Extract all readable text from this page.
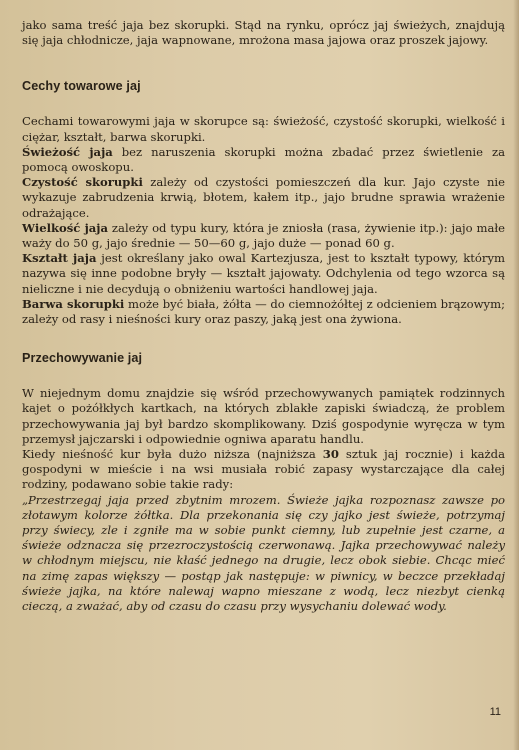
jako sama treść jaja bez skorupki. Stąd na rynku, oprócz jaj świeżych, znajdują się jaja chłodnicze, jaja wapnowane, mrożona masa jajowa oraz proszek jajowy.

Cechy towarowe jaj

Cechami towarowymi jaja w skorupce są: świeżość, czystość skorupki, wielkość i ciężar, kształt, barwa skorupki.

Świeżość jaja bez naruszenia skorupki można zbadać przez świetlenie za pomocą owoskopu.

Czystość skorupki zależy od czystości pomieszczeń dla kur. Jajo czyste nie wykazuje zabrudzenia krwią, błotem, kałem itp., jajo brudne sprawia wrażenie odrażające.

Wielkość jaja zależy od typu kury, która je zniosła (rasa, żywienie itp.): jajo małe waży do 50 g, jajo średnie — 50—60 g, jajo duże — ponad 60 g.

Kształt jaja jest określany jako owal Kartezjusza, jest to kształt typowy, którym nazywa się inne podobne bryły — kształt jajowaty. Odchylenia od tego wzorca są nieliczne i nie decydują o obniżeniu wartości handlowej jaja.

Barwa skorupki może być biała, żółta — do ciemnożółtej z odcieniem brązowym; zależy od rasy i nieśności kury oraz paszy, jaką jest ona żywiona.

Przechowywanie jaj

W niejednym domu znajdzie się wśród przechowywanych pamiątek rodzinnych kajet o pożółkłych kartkach, na których zblakłe zapiski świadczą, że problem przechowywania jaj był bardzo skomplikowany. Dziś gospodynie wyręcza w tym przemysł jajczarski i odpowiednie ogniwa aparatu handlu.

Kiedy nieśność kur była dużo niższa (najniższa 30 sztuk jaj rocznie) i każda gospodyni w mieście i na wsi musiała robić zapasy wystarczające dla całej rodziny, podawano sobie takie rady:

„Przestrzegaj jaja przed zbytnim mrozem. Świeże jajka rozpoznasz zawsze po złotawym kolorze żółtka. Dla przekonania się czy jajko jest świeże, potrzymaj przy świecy, zle i zgniłe ma w sobie punkt ciemny, lub zupełnie jest czarne, a świeże odznacza się przezroczystością czerwonawą. Jajka przechowywać należy w chłodnym miejscu, nie kłaść jednego na drugie, lecz obok siebie. Chcąc mieć na zimę zapas większy — postąp jak następuje: w piwnicy, w beczce przekładaj świeże jajka, na które nalewaj wapno mieszane z wodą, lecz niezbyt cienką cieczą, a zważać, aby od czasu do czasu przy wysychaniu dolewać wody.

11
